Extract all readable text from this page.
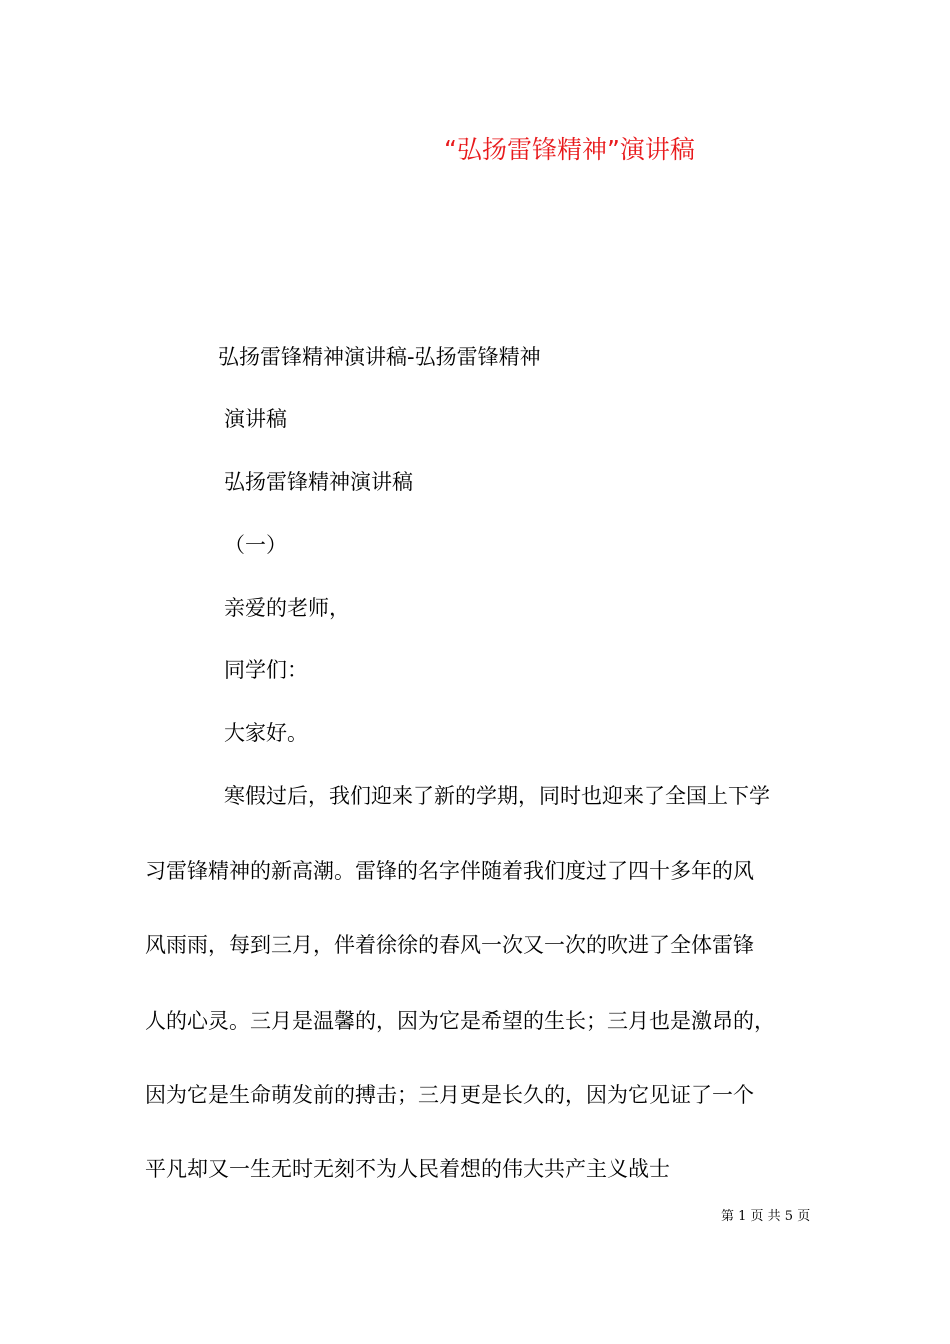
“弘扬雷锋精神”演讲稿
弘扬雷锋精神演讲稿-弘扬雷锋精神
演讲稿
弘扬雷锋精神演讲稿
（一）
亲爱的老师，
同学们：
大家好。
寒假过后，我们迎来了新的学期，同时也迎来了全国上下学
习雷锋精神的新高潮。雷锋的名字伴随着我们度过了四十多年的风
风雨雨，每到三月，伴着徐徐的春风一次又一次的吹进了全体雷锋
人的心灵。三月是温馨的，因为它是希望的生长；三月也是激昂的，
因为它是生命萌发前的搏击；三月更是长久的，因为它见证了一个
平凡却又一生无时无刻不为人民着想的伟大共产主义战士
第 1 页 共 5 页
